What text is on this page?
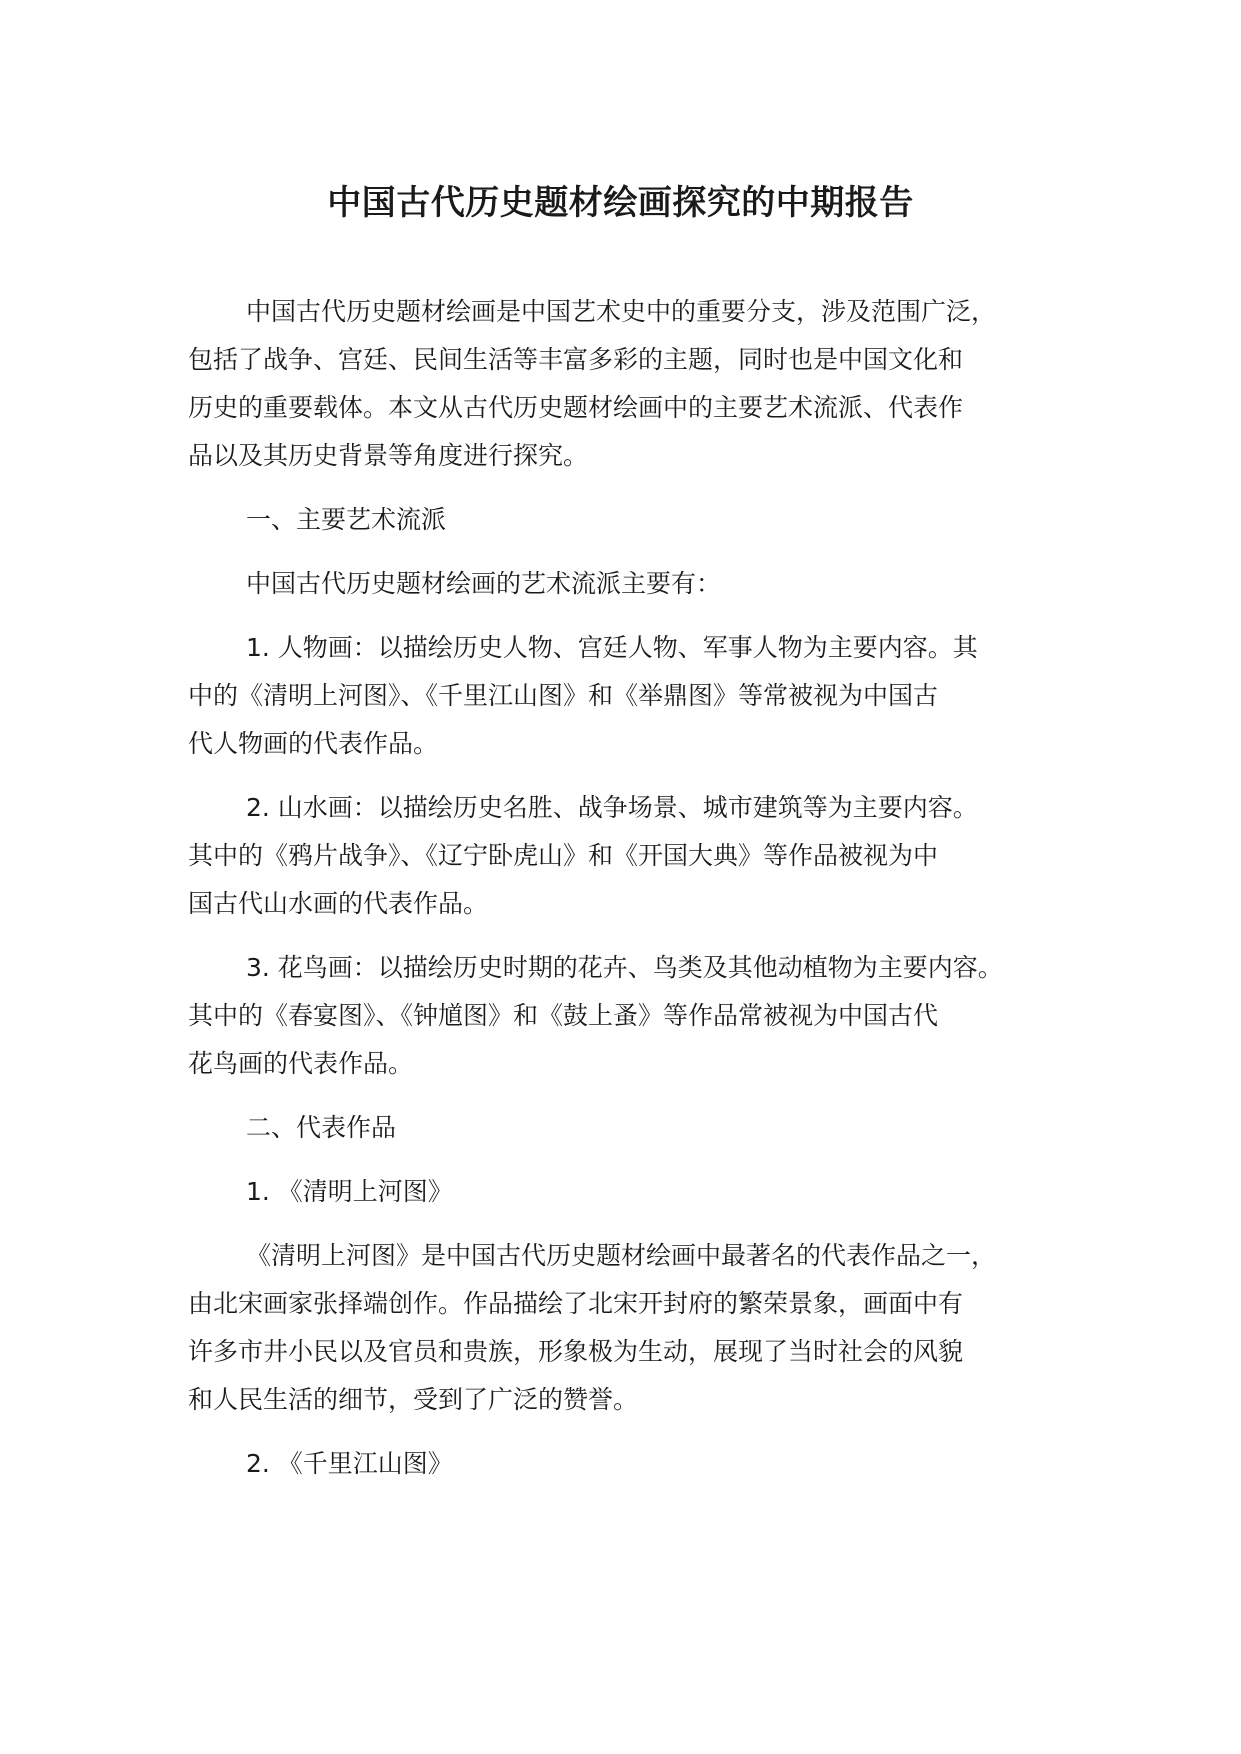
中国古代历史题材绘画探究的中期报告
中国古代历史题材绘画是中国艺术史中的重要分支，涉及范围广泛，
包括了战争、宫廷、民间生活等丰富多彩的主题，同时也是中国文化和
历史的重要载体。本文从古代历史题材绘画中的主要艺术流派、代表作
品以及其历史背景等角度进行探究。
一、主要艺术流派
中国古代历史题材绘画的艺术流派主要有：
1. 人物画：以描绘历史人物、宫廷人物、军事人物为主要内容。其
中的《清明上河图》、《千里江山图》和《举鼎图》等常被视为中国古
代人物画的代表作品。
2. 山水画：以描绘历史名胜、战争场景、城市建筑等为主要内容。
其中的《鸦片战争》、《辽宁卧虎山》和《开国大典》等作品被视为中
国古代山水画的代表作品。
3. 花鸟画：以描绘历史时期的花卉、鸟类及其他动植物为主要内容。
其中的《春宴图》、《钟馗图》和《鼓上蚤》等作品常被视为中国古代
花鸟画的代表作品。
二、代表作品
1. 《清明上河图》
《清明上河图》是中国古代历史题材绘画中最著名的代表作品之一，
由北宋画家张择端创作。作品描绘了北宋开封府的繁荣景象，画面中有
许多市井小民以及官员和贵族，形象极为生动，展现了当时社会的风貌
和人民生活的细节，受到了广泛的赞誉。
2. 《千里江山图》
